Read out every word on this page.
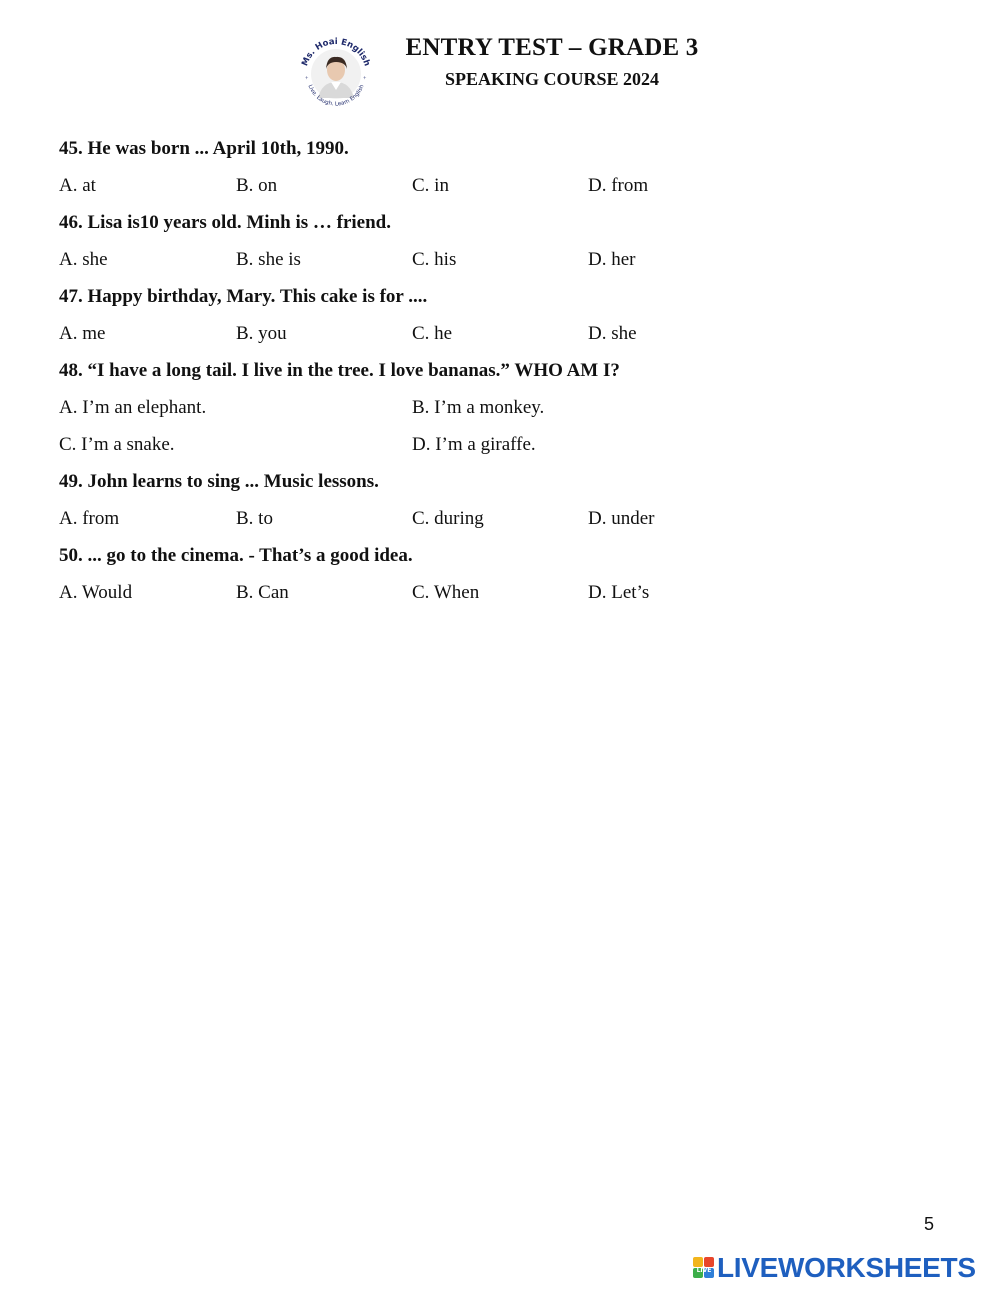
Ms. Hoai English
Live. Laugh. Learn English
+	+
ENTRY TEST – GRADE 3
SPEAKING COURSE 2024
45. He was born ... April 10th, 1990.
A. at	B. on	C. in	D. from
46. Lisa is10 years old. Minh is … friend.
A. she	B. she is	C. his	D. her
47. Happy birthday, Mary. This cake is for ....
A. me	B. you	C. he	D. she
48. “I have a long tail. I live in the tree. I love bananas.” WHO AM I?
A. I’m an elephant.	B. I’m a monkey.
C. I’m a snake.	D. I’m a giraffe.
49. John learns to sing ... Music lessons.
A. from	B. to	C. during	D. under
50. ... go to the cinema. - That’s a good idea.
A. Would	B. Can	C. When	D. Let’s
5
LIVE LIVEWORKSHEETS
